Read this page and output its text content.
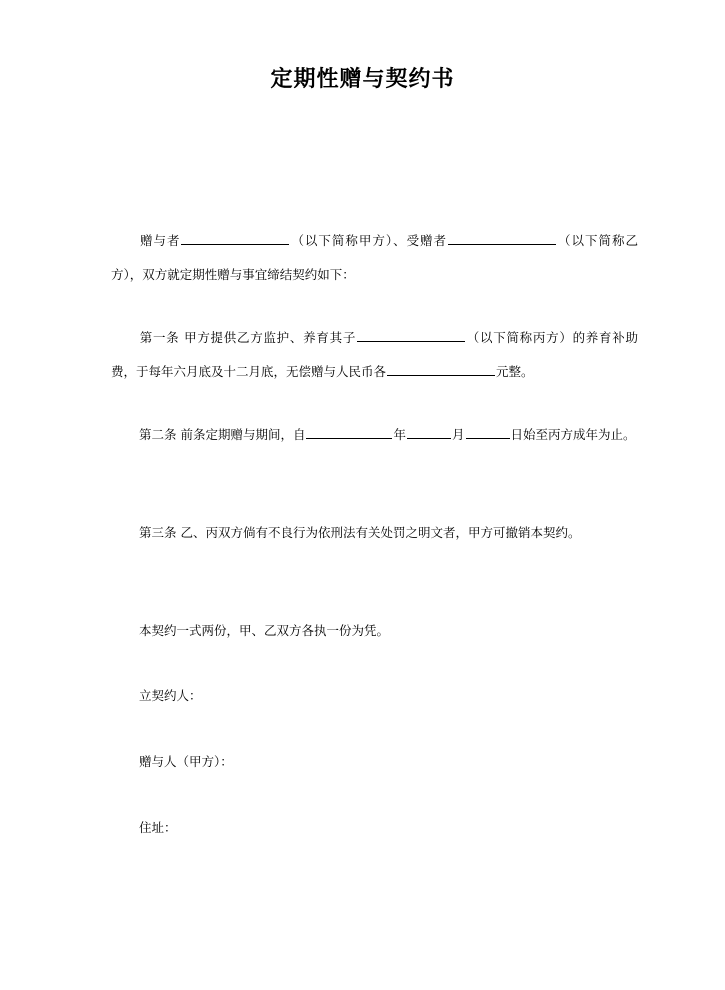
定期性赠与契约书
赠与者	（以下简称甲方）、受赠者	（以下简称乙方），双方就定期性赠与事宜缔结契约如下：
第一条 甲方提供乙方监护、养育其子	（以下简称丙方）的养育补助费，于每年六月底及十二月底，无偿赠与人民币各	元整。
第二条 前条定期赠与期间，自	年	月	日始至丙方成年为止。
第三条 乙、丙双方倘有不良行为依刑法有关处罚之明文者，甲方可撤销本契约。
本契约一式两份，甲、乙双方各执一份为凭。
立契约人：
赠与人（甲方）：
住址：
